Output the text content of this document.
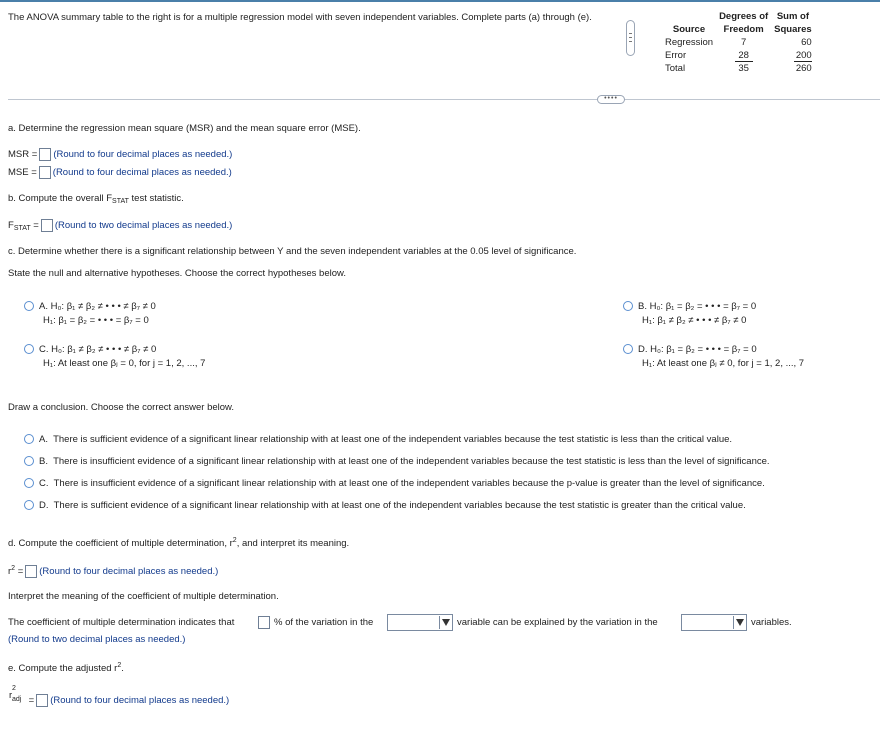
The ANOVA summary table to the right is for a multiple regression model with seven independent variables. Complete parts (a) through (e).
		Degrees of	Sum of
Source	Freedom	Squares
Regression	7	60
Error	28	200
Total	35	260
••••
a. Determine the regression mean square (MSR) and the mean square error (MSE).
MSR = (Round to four decimal places as needed.)
MSE = (Round to four decimal places as needed.)
b. Compute the overall $F_{STAT}$ test statistic.
$F_{STAT}$ = (Round to two decimal places as needed.)
c. Determine whether there is a significant relationship between Y and the seven independent variables at the 0.05 level of significance.
State the null and alternative hypotheses. Choose the correct hypotheses below.
A. H₀: β₁ ≠ β₂ ≠ • • • ≠ β₇ ≠ 0
H₁: β₁ = β₂ = • • • = β₇ = 0
B. H₀: β₁ = β₂ = • • • = β₇ = 0
H₁: β₁ ≠ β₂ ≠ • • • ≠ β₇ ≠ 0
C. H₀: β₁ ≠ β₂ ≠ • • • ≠ β₇ ≠ 0
H₁: At least one βⱼ = 0, for j = 1, 2, ..., 7
D. H₀: β₁ = β₂ = • • • = β₇ = 0
H₁: At least one βⱼ ≠ 0, for j = 1, 2, ..., 7
Draw a conclusion. Choose the correct answer below.
A. There is sufficient evidence of a significant linear relationship with at least one of the independent variables because the test statistic is less than the critical value.
B. There is insufficient evidence of a significant linear relationship with at least one of the independent variables because the test statistic is less than the level of significance.
C. There is insufficient evidence of a significant linear relationship with at least one of the independent variables because the p-value is greater than the level of significance.
D. There is sufficient evidence of a significant linear relationship with at least one of the independent variables because the test statistic is greater than the critical value.
d. Compute the coefficient of multiple determination, $r^2$, and interpret its meaning.
$r^2$ = (Round to four decimal places as needed.)
Interpret the meaning of the coefficient of multiple determination.
The coefficient of multiple determination indicates that	% of the variation in the	variable can be explained by the variation in the	variables.
(Round to two decimal places as needed.)
e. Compute the adjusted $r^2$.
r
2
adj = (Round to four decimal places as needed.)
